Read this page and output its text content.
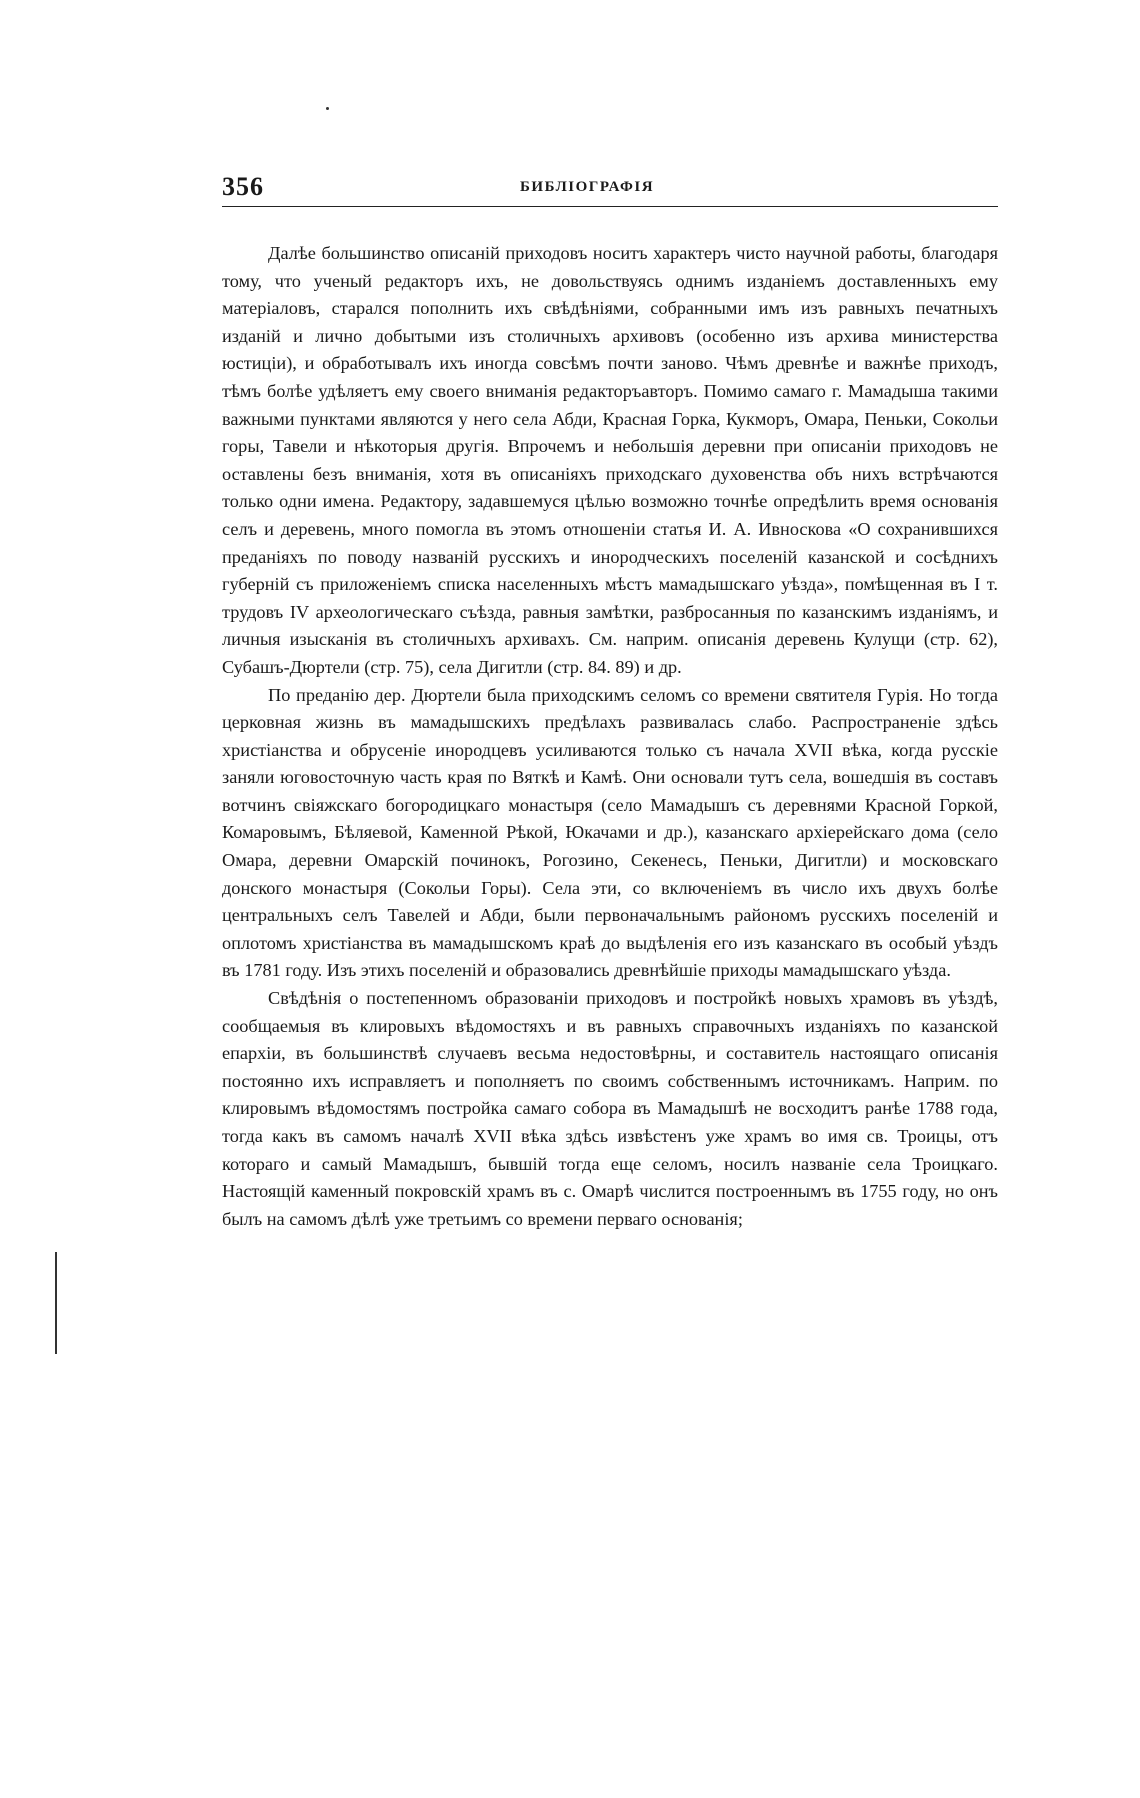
356	БИБЛIОГРАФIЯ

Далѣе большинство описаній приходовъ носитъ характеръ чисто научной работы, благодаря тому, что ученый редакторъ ихъ, не довольствуясь однимъ изданіемъ доставленныхъ ему матеріаловъ, старался пополнить ихъ свѣдѣніями, собранными имъ изъ равныхъ печатныхъ изданій и лично добытыми изъ столичныхъ архивовъ (особенно изъ архива министерства юстиціи), и обработывалъ ихъ иногда совсѣмъ почти заново. Чѣмъ древнѣе и важнѣе приходъ, тѣмъ болѣе удѣляетъ ему своего вниманія редакторъавторъ. Помимо самаго г. Мамадыша такими важными пунктами являются у него села Абди, Красная Горка, Кукморъ, Омара, Пеньки, Сокольи горы, Тавели и нѣкоторыя другія. Впрочемъ и небольшія деревни при описаніи приходовъ не оставлены безъ вниманія, хотя въ описаніяхъ приходскаго духовенства объ нихъ встрѣчаются только одни имена. Редактору, задавшемуся цѣлью возможно точнѣе опредѣлить время основанія селъ и деревень, много помогла въ этомъ отношеніи статья И. А. Ивноскова «О сохранившихся преданіяхъ по поводу названій русскихъ и инородческихъ поселеній казанской и сосѣднихъ губерній съ приложеніемъ списка населенныхъ мѣстъ мамадышскаго уѣзда», помѣщенная въ I т. трудовъ IV археологическаго съѣзда, равныя замѣтки, разбросанныя по казанскимъ изданіямъ, и личныя изысканія въ столичныхъ архивахъ. См. наприм. описанія деревень Кулущи (стр. 62), Субашъ-Дюртели (стр. 75), села Дигитли (стр. 84. 89) и др.

По преданію дер. Дюртели была приходскимъ селомъ со времени святителя Гурія. Но тогда церковная жизнь въ мамадышскихъ предѣлахъ развивалась слабо. Распространеніе здѣсь христіанства и обрусеніе инородцевъ усиливаются только съ начала XVII вѣка, когда русскіе заняли юговосточную часть края по Вяткѣ и Камѣ. Они основали тутъ села, вошедшія въ составъ вотчинъ свіяжскаго богородицкаго монастыря (село Мамадышъ съ деревнями Красной Горкой, Комаровымъ, Бѣляевой, Каменной Рѣкой, Юкачами и др.), казанскаго архіерейскаго дома (село Омара, деревни Омарскій починокъ, Рогозино, Секенесь, Пеньки, Дигитли) и московскаго донского монастыря (Сокольи Горы). Села эти, со включеніемъ въ число ихъ двухъ болѣе центральныхъ селъ Тавелей и Абди, были первоначальнымъ райономъ русскихъ поселеній и оплотомъ христіанства въ мамадышскомъ краѣ до выдѣленія его изъ казанскаго въ особый уѣздъ въ 1781 году. Изъ этихъ поселеній и образовались древнѣйшіе приходы мамадышскаго уѣзда.

Свѣдѣнія о постепенномъ образованіи приходовъ и постройкѣ новыхъ храмовъ въ уѣздѣ, сообщаемыя въ клировыхъ вѣдомостяхъ и въ равныхъ справочныхъ изданіяхъ по казанской епархіи, въ большинствѣ случаевъ весьма недостовѣрны, и составитель настоящаго описанія постоянно ихъ исправляетъ и пополняетъ по своимъ собственнымъ источникамъ. Наприм. по клировымъ вѣдомостямъ постройка самаго собора въ Мамадышѣ не восходитъ ранѣе 1788 года, тогда какъ въ самомъ началѣ XVII вѣка здѣсь извѣстенъ уже храмъ во имя св. Троицы, отъ котораго и самый Мамадышъ, бывшій тогда еще селомъ, носилъ названіе села Троицкаго. Настоящій каменный покровскій храмъ въ с. Омарѣ числится построеннымъ въ 1755 году, но онъ былъ на самомъ дѣлѣ уже третьимъ со времени перваго основанія;
